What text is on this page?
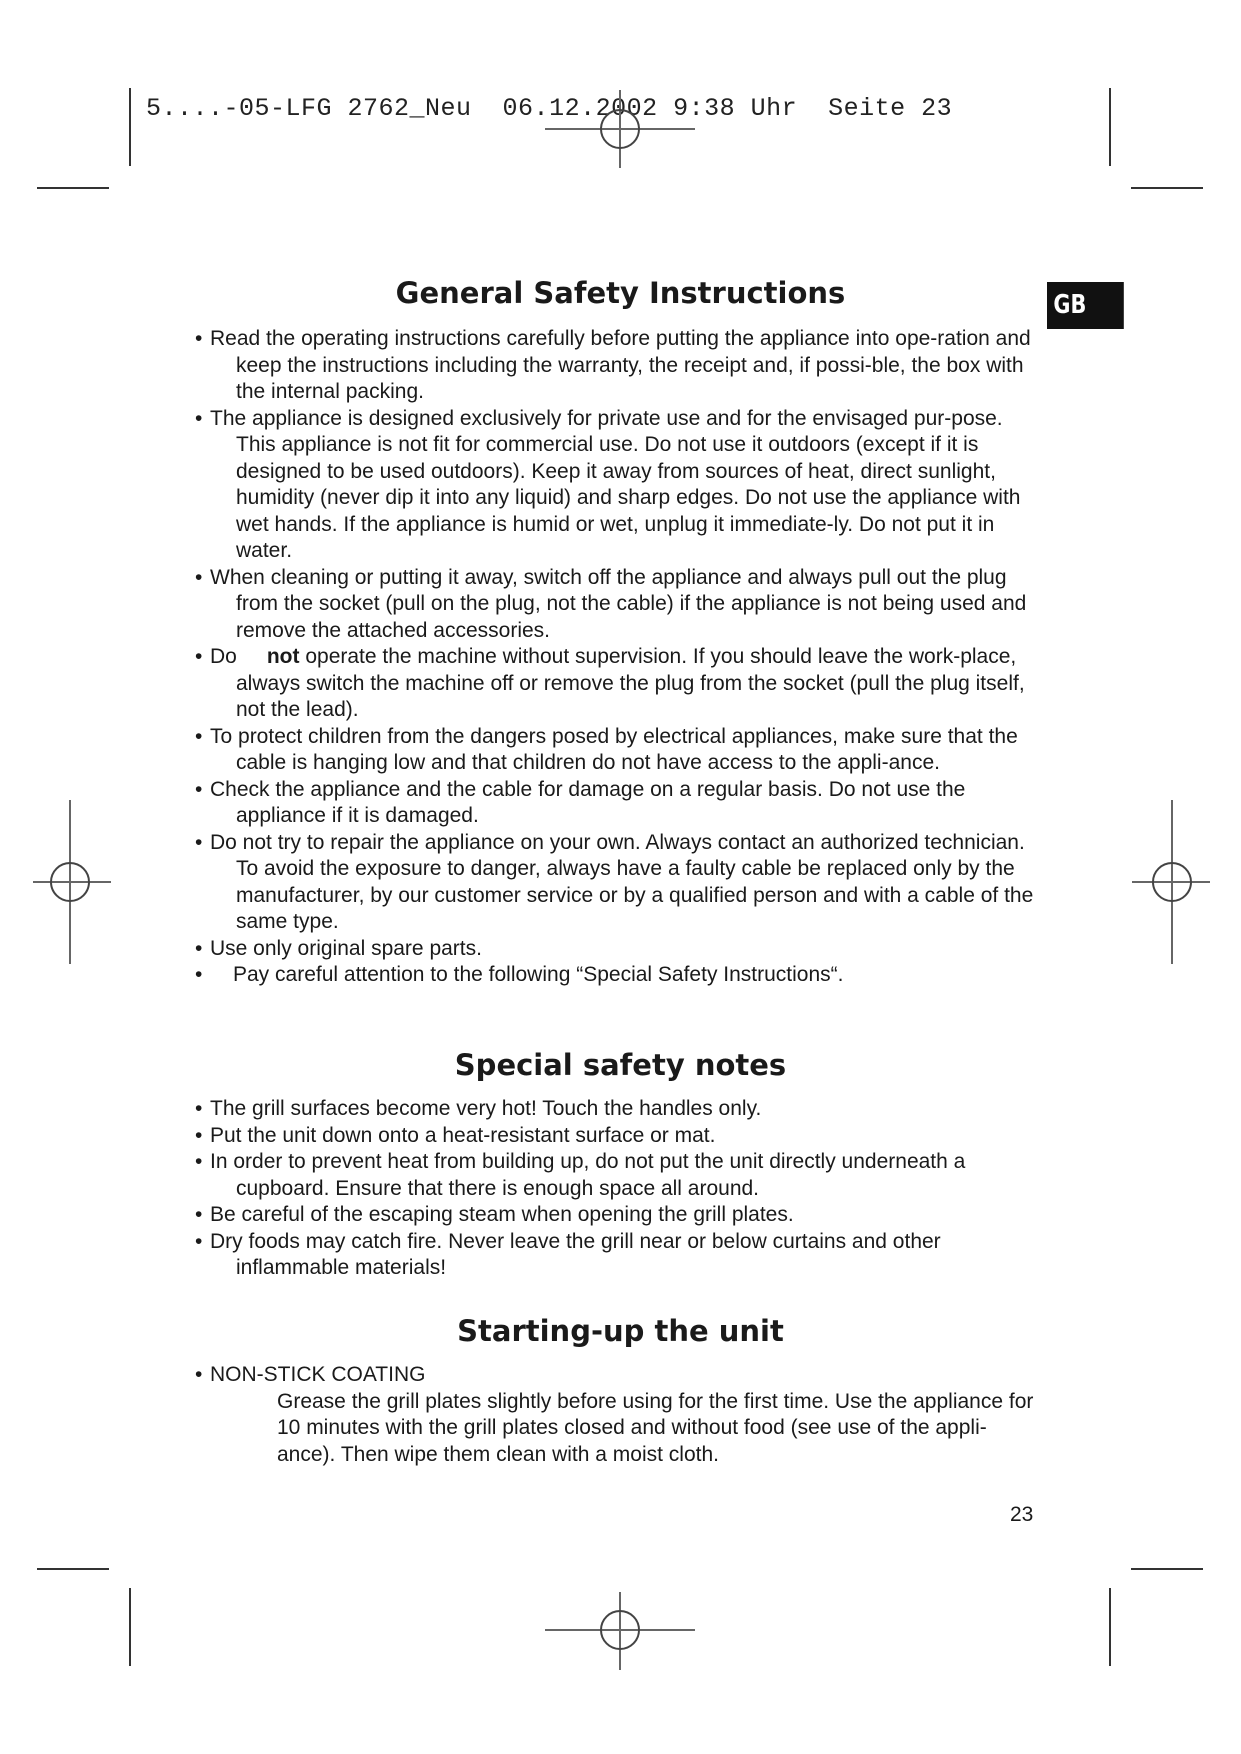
5....-05-LFG 2762_Neu  06.12.2002 9:38 Uhr  Seite 23
GB
General Safety Instructions
• Read the operating instructions carefully before putting the appliance into ope-ration and keep the instructions including the warranty, the receipt and, if possi-ble, the box with the internal packing.
• The appliance is designed exclusively for private use and for the envisaged pur-pose. This appliance is not fit for commercial use. Do not use it outdoors (except if it is designed to be used outdoors). Keep it away from sources of heat, direct sunlight, humidity (never dip it into any liquid) and sharp edges. Do not use the appliance with wet hands. If the appliance is humid or wet, unplug it immediate-ly. Do not put it in water.
• When cleaning or putting it away, switch off the appliance and always pull out the plug from the socket (pull on the plug, not the cable) if the appliance is not being used and remove the attached accessories.
• Do not operate the machine without supervision. If you should leave the work-place, always switch the machine off or remove the plug from the socket (pull the plug itself, not the lead).
• To protect children from the dangers posed by electrical appliances, make sure that the cable is hanging low and that children do not have access to the appli-ance.
• Check the appliance and the cable for damage on a regular basis. Do not use the appliance if it is damaged.
• Do not try to repair the appliance on your own. Always contact an authorized technician. To avoid the exposure to danger, always have a faulty cable be replaced only by the manufacturer, by our customer service or by a qualified person and with a cable of the same type.
• Use only original spare parts.
• Pay careful attention to the following “Special Safety Instructions“.
Special safety notes
• The grill surfaces become very hot! Touch the handles only.
• Put the unit down onto a heat-resistant surface or mat.
• In order to prevent heat from building up, do not put the unit directly underneath a cupboard. Ensure that there is enough space all around.
• Be careful of the escaping steam when opening the grill plates.
• Dry foods may catch fire. Never leave the grill near or below curtains and other inflammable materials!
Starting-up the unit
• NON-STICK COATING
Grease the grill plates slightly before using for the first time. Use the appliance for 10 minutes with the grill plates closed and without food (see use of the appli-ance). Then wipe them clean with a moist cloth.
23
